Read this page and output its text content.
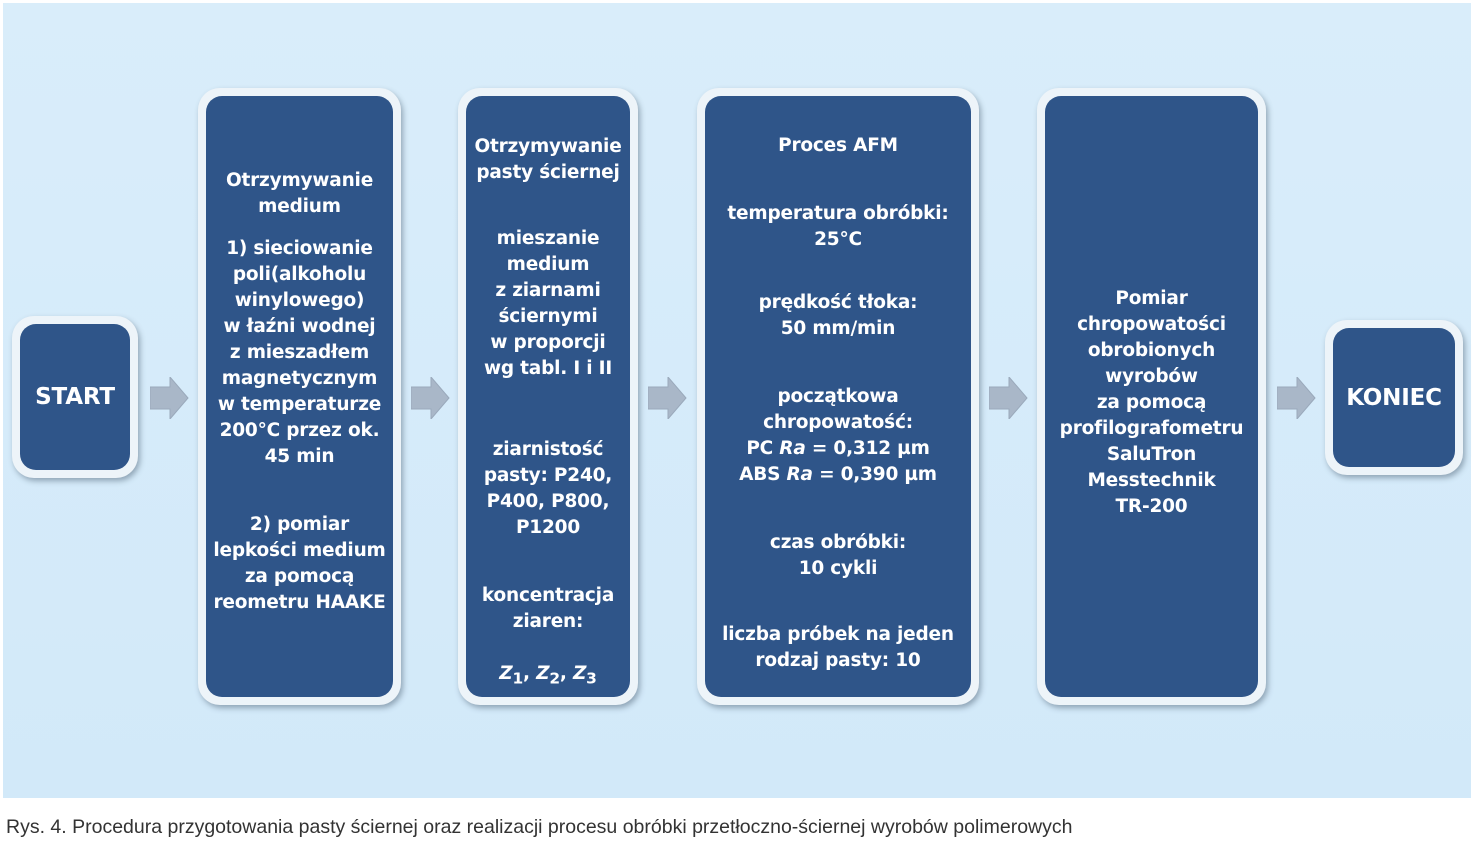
START

Otrzymywanie
medium

1) sieciowanie
poli(alkoholu
winylowego)
w łaźni wodnej
z mieszadłem
magnetycznym
w temperaturze
200°C przez ok.
45 min

2) pomiar
lepkości medium
za pomocą
reometru HAAKE

Otrzymywanie
pasty ściernej

mieszanie
medium
z ziarnami
ściernymi
w proporcji
wg tabl. I i II

ziarnistość
pasty: P240,
P400, P800,
P1200

koncentracja
ziaren:

$Z_1$, $Z_2$, $Z_3$

Proces AFM

temperatura obróbki:
25°C

prędkość tłoka:
50 mm/min

początkowa
chropowatość:

PC Ra = 0,312 µm

ABS Ra = 0,390 µm

czas obróbki:
10 cykli

liczba próbek na jeden
rodzaj pasty: 10

Pomiar
chropowatości
obrobionych
wyrobów
za pomocą
profilografometru
SaluTron
Messtechnik
TR-200

KONIEC

Rys. 4. Procedura przygotowania pasty ściernej oraz realizacji procesu obróbki przetłoczno-ściernej wyrobów polimerowych
